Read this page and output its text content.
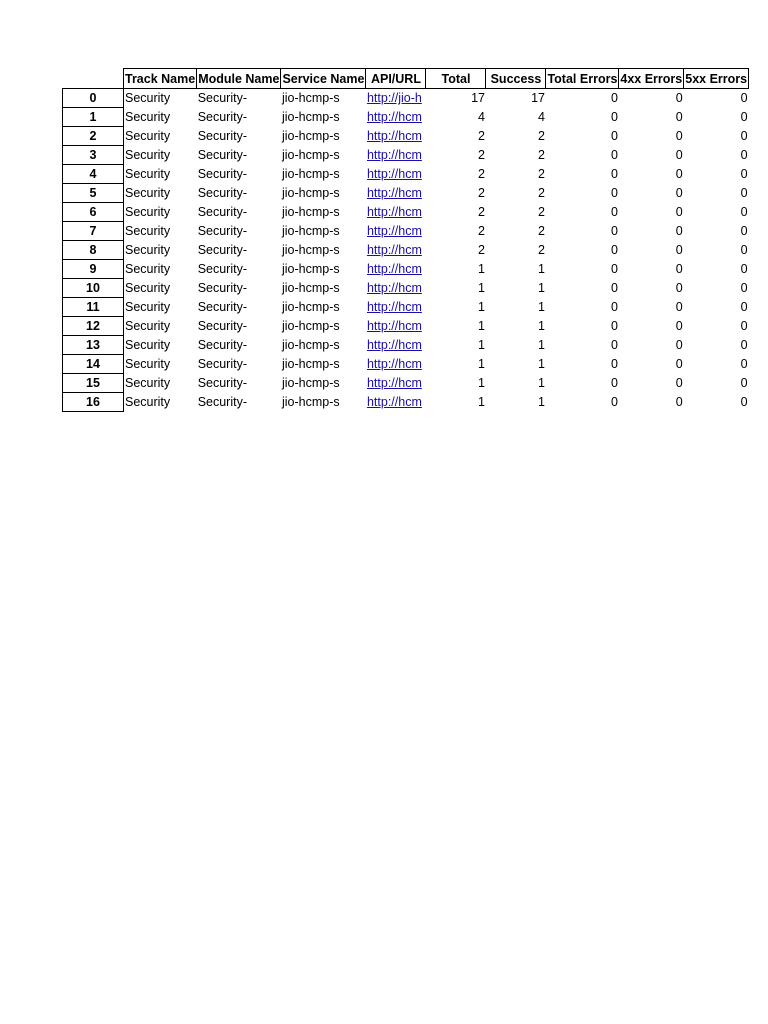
	Track Name	Module Name	Service Name	API/URL	Total	Success	Total Errors	4xx Errors	5xx Errors
0	Security	Security-	jio-hcmp-s	http://jio-h	17	17	0	0	0
1	Security	Security-	jio-hcmp-s	http://hcm	4	4	0	0	0
2	Security	Security-	jio-hcmp-s	http://hcm	2	2	0	0	0
3	Security	Security-	jio-hcmp-s	http://hcm	2	2	0	0	0
4	Security	Security-	jio-hcmp-s	http://hcm	2	2	0	0	0
5	Security	Security-	jio-hcmp-s	http://hcm	2	2	0	0	0
6	Security	Security-	jio-hcmp-s	http://hcm	2	2	0	0	0
7	Security	Security-	jio-hcmp-s	http://hcm	2	2	0	0	0
8	Security	Security-	jio-hcmp-s	http://hcm	2	2	0	0	0
9	Security	Security-	jio-hcmp-s	http://hcm	1	1	0	0	0
10	Security	Security-	jio-hcmp-s	http://hcm	1	1	0	0	0
11	Security	Security-	jio-hcmp-s	http://hcm	1	1	0	0	0
12	Security	Security-	jio-hcmp-s	http://hcm	1	1	0	0	0
13	Security	Security-	jio-hcmp-s	http://hcm	1	1	0	0	0
14	Security	Security-	jio-hcmp-s	http://hcm	1	1	0	0	0
15	Security	Security-	jio-hcmp-s	http://hcm	1	1	0	0	0
16	Security	Security-	jio-hcmp-s	http://hcm	1	1	0	0	0
